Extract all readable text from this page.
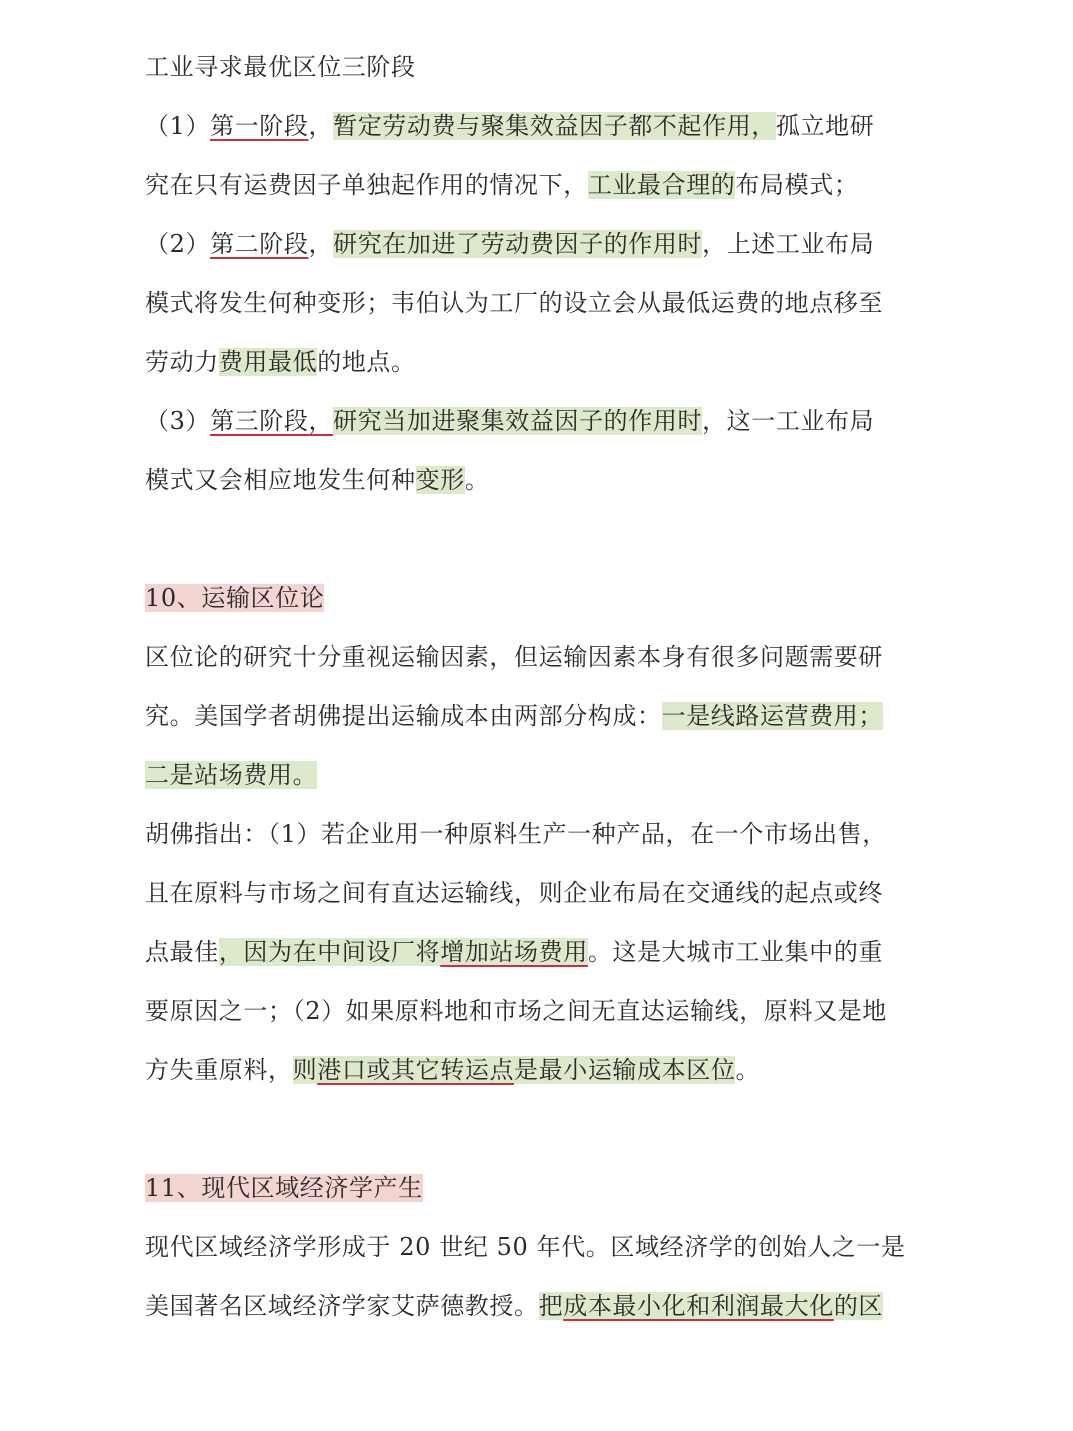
工业寻求最优区位三阶段
（1）第一阶段，暂定劳动费与聚集效益因子都不起作用，孤立地研
究在只有运费因子单独起作用的情况下，工业最合理的布局模式；
（2）第二阶段，研究在加进了劳动费因子的作用时，上述工业布局
模式将发生何种变形；韦伯认为工厂的设立会从最低运费的地点移至
劳动力费用最低的地点。
（3）第三阶段，研究当加进聚集效益因子的作用时，这一工业布局
模式又会相应地发生何种变形。
10、运输区位论
区位论的研究十分重视运输因素，但运输因素本身有很多问题需要研
究。美国学者胡佛提出运输成本由两部分构成：一是线路运营费用；
二是站场费用。
胡佛指出：（1）若企业用一种原料生产一种产品，在一个市场出售，
且在原料与市场之间有直达运输线，则企业布局在交通线的起点或终
点最佳，因为在中间设厂将增加站场费用。这是大城市工业集中的重
要原因之一；（2）如果原料地和市场之间无直达运输线，原料又是地
方失重原料，则港口或其它转运点是最小运输成本区位。
11、现代区域经济学产生
现代区域经济学形成于 20 世纪 50 年代。区域经济学的创始人之一是
美国著名区域经济学家艾萨德教授。把成本最小化和利润最大化的区
